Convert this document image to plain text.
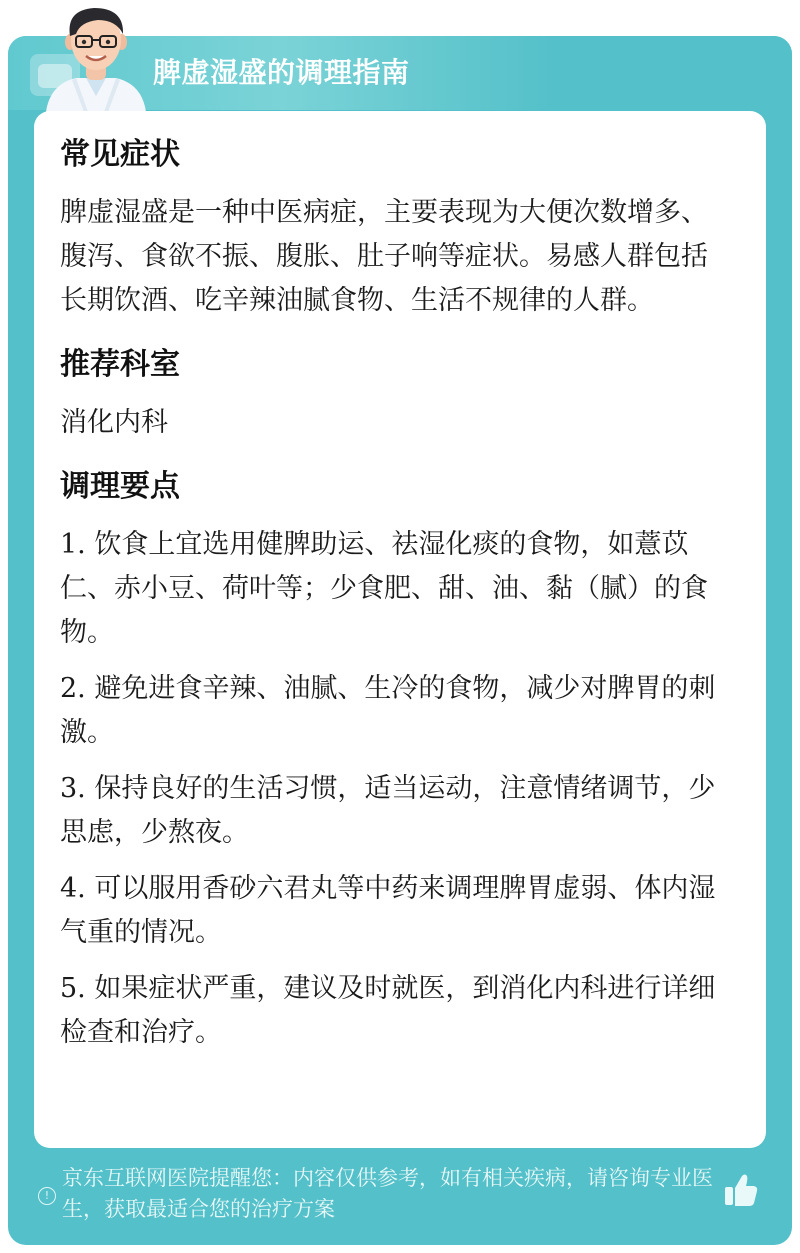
脾虚湿盛的调理指南
常见症状

脾虚湿盛是一种中医病症，主要表现为大便次数增多、腹泻、食欲不振、腹胀、肚子响等症状。易感人群包括长期饮酒、吃辛辣油腻食物、生活不规律的人群。

推荐科室

消化内科

调理要点

1. 饮食上宜选用健脾助运、祛湿化痰的食物，如薏苡仁、赤小豆、荷叶等；少食肥、甜、油、黏（腻）的食物。

2. 避免进食辛辣、油腻、生冷的食物，减少对脾胃的刺激。

3. 保持良好的生活习惯，适当运动，注意情绪调节，少思虑，少熬夜。

4. 可以服用香砂六君丸等中药来调理脾胃虚弱、体内湿气重的情况。

5. 如果症状严重，建议及时就医，到消化内科进行详细检查和治疗。

!
京东互联网医院提醒您：内容仅供参考，如有相关疾病，请咨询专业医生，获取最适合您的治疗方案
